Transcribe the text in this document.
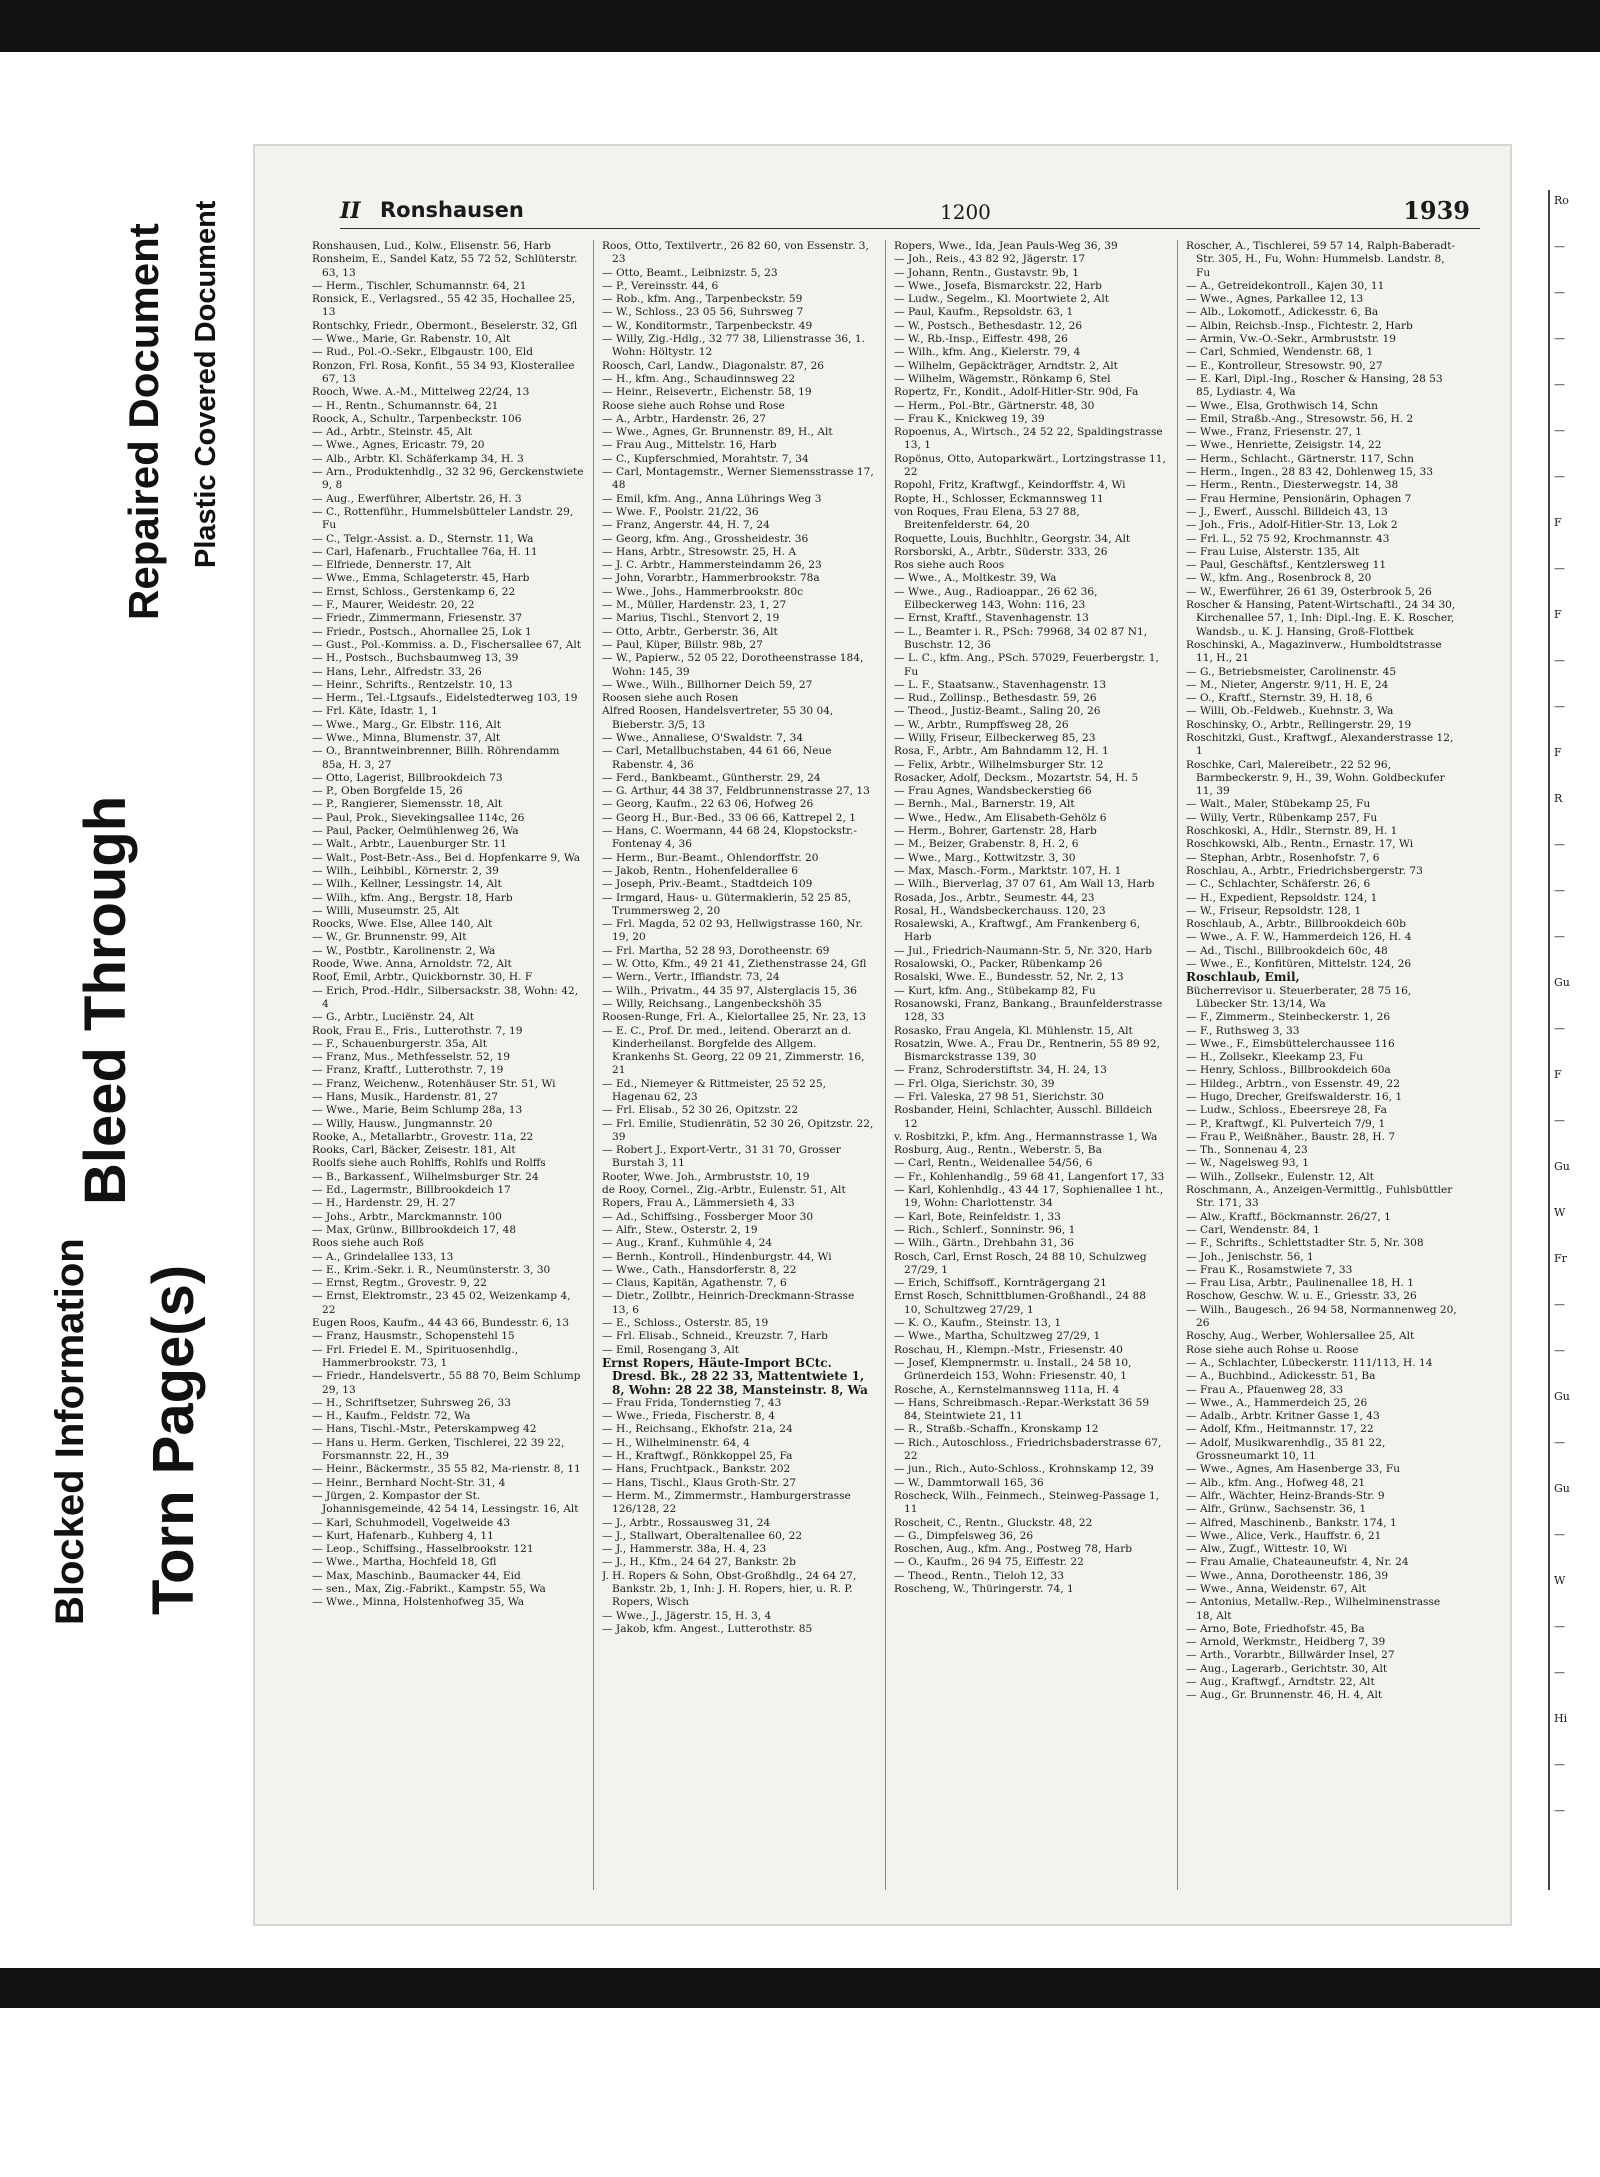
Blocked Information
Bleed Through
Torn Page(s)
Repaired Document Plastic Covered Document	II Ronshausen	1200	1939

Ronshausen, Lud., Kolw., Elisenstr. 56, Harb

Ronsheim, E., Sandel Katz, 55 72 52, Schlüterstr. 63, 13

— Herm., Tischler, Schumannstr. 64, 21

Ronsick, E., Verlagsred., 55 42 35, Hochallee 25, 13

Rontschky, Friedr., Obermont., Beselerstr. 32, Gfl

— Wwe., Marie, Gr. Rabenstr. 10, Alt

— Rud., Pol.-O.-Sekr., Elbgaustr. 100, Eld

Ronzon, Frl. Rosa, Konfit., 55 34 93, Klosterallee 67, 13

Rooch, Wwe. A.-M., Mittelweg 22/24, 13

— H., Rentn., Schumannstr. 64, 21

Roock, A., Schultr., Tarpenbeckstr. 106

— Ad., Arbtr., Steinstr. 45, Alt

— Wwe., Agnes, Ericastr. 79, 20

— Alb., Arbtr. Kl. Schäferkamp 34, H. 3

— Arn., Produktenhdlg., 32 32 96, Gerckenstwiete 9, 8

— Aug., Ewerführer, Albertstr. 26, H. 3

— C., Rottenführ., Hummelsbütteler Landstr. 29, Fu

— C., Telgr.-Assist. a. D., Sternstr. 11, Wa

— Carl, Hafenarb., Fruchtallee 76a, H. 11

— Elfriede, Dennerstr. 17, Alt

— Wwe., Emma, Schlageterstr. 45, Harb

— Ernst, Schloss., Gerstenkamp 6, 22

— F., Maurer, Weidestr. 20, 22

— Friedr., Zimmermann, Friesenstr. 37

— Friedr., Postsch., Ahornallee 25, Lok 1

— Gust., Pol.-Kommiss. a. D., Fischersallee 67, Alt

— H., Postsch., Buchsbaumweg 13, 39

— Hans, Lehr., Alfredstr. 33, 26

— Heinr., Schrifts., Rentzelstr. 10, 13

— Herm., Tel.-Ltgsaufs., Eidelstedterweg 103, 19

— Frl. Käte, Idastr. 1, 1

— Wwe., Marg., Gr. Elbstr. 116, Alt

— Wwe., Minna, Blumenstr. 37, Alt

— O., Branntweinbrenner, Billh. Röhrendamm 85a, H. 3, 27

— Otto, Lagerist, Billbrookdeich 73

— P., Oben Borgfelde 15, 26

— P., Rangierer, Siemensstr. 18, Alt

— Paul, Prok., Sievekingsallee 114c, 26

— Paul, Packer, Oelmühlenweg 26, Wa

— Walt., Arbtr., Lauenburger Str. 11

— Walt., Post-Betr.-Ass., Bei d. Hopfenkarre 9, Wa

— Wilh., Leihbibl., Körnerstr. 2, 39

— Wilh., Kellner, Lessingstr. 14, Alt

— Wilh., kfm. Ang., Bergstr. 18, Harb

— Willi, Museumstr. 25, Alt

Roocks, Wwe. Else, Allee 140, Alt

— W., Gr. Brunnenstr. 99, Alt

— W., Postbtr., Karolinenstr. 2, Wa

Roode, Wwe. Anna, Arnoldstr. 72, Alt

Roof, Emil, Arbtr., Quickbornstr. 30, H. F

— Erich, Prod.-Hdlr., Silbersackstr. 38, Wohn: 42, 4

— G., Arbtr., Luciënstr. 24, Alt

Rook, Frau E., Fris., Lutterothstr. 7, 19

— F., Schauenburgerstr. 35a, Alt

— Franz, Mus., Methfesselstr. 52, 19

— Franz, Kraftf., Lutterothstr. 7, 19

— Franz, Weichenw., Rotenhäuser Str. 51, Wi

— Hans, Musik., Hardenstr. 81, 27

— Wwe., Marie, Beim Schlump 28a, 13

— Willy, Hausw., Jungmannstr. 20

Rooke, A., Metallarbtr., Grovestr. 11a, 22

Rooks, Carl, Bäcker, Zeisestr. 181, Alt

Roolfs siehe auch Rohlffs, Rohlfs und Rolffs

— B., Barkassenf., Wilhelmsburger Str. 24

— Ed., Lagermstr., Billbrookdeich 17

— H., Hardenstr. 29, H. 27

— Johs., Arbtr., Marckmannstr. 100

— Max, Grünw., Billbrookdeich 17, 48

Roos siehe auch Roß

— A., Grindelallee 133, 13

— E., Krim.-Sekr. i. R., Neumünsterstr. 3, 30

— Ernst, Regtm., Grovestr. 9, 22

— Ernst, Elektromstr., 23 45 02, Weizenkamp 4, 22

Eugen Roos, Kaufm., 44 43 66, Bundesstr. 6, 13

— Franz, Hausmstr., Schopenstehl 15

— Frl. Friedel E. M., Spirituosenhdlg., Hammerbrookstr. 73, 1

— Friedr., Handelsvertr., 55 88 70, Beim Schlump 29, 13

— H., Schriftsetzer, Suhrsweg 26, 33

— H., Kaufm., Feldstr. 72, Wa

— Hans, Tischl.-Mstr., Peterskampweg 42

— Hans u. Herm. Gerken, Tischlerei, 22 39 22, Forsmannstr. 22, H., 39

— Heinr., Bäckermstr., 35 55 82, Ma-rienstr. 8, 11

— Heinr., Bernhard Nocht-Str. 31, 4

— Jürgen, 2. Kompastor der St. Johannisgemeinde, 42 54 14, Lessingstr. 16, Alt

— Karl, Schuhmodell, Vogelweide 43

— Kurt, Hafenarb., Kuhberg 4, 11

— Leop., Schiffsing., Hasselbrookstr. 121

— Wwe., Martha, Hochfeld 18, Gfl

— Max, Maschinb., Baumacker 44, Eid

— sen., Max, Zig.-Fabrikt., Kampstr. 55, Wa

— Wwe., Minna, Holstenhofweg 35, Wa

Roos, Otto, Textilvertr., 26 82 60, von Essenstr. 3, 23

— Otto, Beamt., Leibnizstr. 5, 23

— P., Vereinsstr. 44, 6

— Rob., kfm. Ang., Tarpenbeckstr. 59

— W., Schloss., 23 05 56, Suhrsweg 7

— W., Konditormstr., Tarpenbeckstr. 49

— Willy, Zig.-Hdlg., 32 77 38, Lilienstrasse 36, 1. Wohn: Höltystr. 12

Roosch, Carl, Landw., Diagonalstr. 87, 26

— H., kfm. Ang., Schaudinnsweg 22

— Heinr., Reisevertr., Eichenstr. 58, 19

Roose siehe auch Rohse und Rose

— A., Arbtr., Hardenstr. 26, 27

— Wwe., Agnes, Gr. Brunnenstr. 89, H., Alt

— Frau Aug., Mittelstr. 16, Harb

— C., Kupferschmied, Morahtstr. 7, 34

— Carl, Montagemstr., Werner Siemensstrasse 17, 48

— Emil, kfm. Ang., Anna Lührings Weg 3

— Wwe. F., Poolstr. 21/22, 36

— Franz, Angerstr. 44, H. 7, 24

— Georg, kfm. Ang., Grossheidestr. 36

— Hans, Arbtr., Stresowstr. 25, H. A

— J. C. Arbtr., Hammersteindamm 26, 23

— John, Vorarbtr., Hammerbrookstr. 78a

— Wwe., Johs., Hammerbrookstr. 80c

— M., Müller, Hardenstr. 23, 1, 27

— Marius, Tischl., Stenvort 2, 19

— Otto, Arbtr., Gerberstr. 36, Alt

— Paul, Küper, Billstr. 98b, 27

— W., Papierw., 52 05 22, Dorotheenstrasse 184, Wohn: 145, 39

— Wwe., Wilh., Billhorner Deich 59, 27

Roosen siehe auch Rosen

Alfred Roosen, Handelsvertreter, 55 30 04, Bieberstr. 3/5, 13

— Wwe., Annaliese, O'Swaldstr. 7, 34

— Carl, Metallbuchstaben, 44 61 66, Neue Rabenstr. 4, 36

— Ferd., Bankbeamt., Güntherstr. 29, 24

— G. Arthur, 44 38 37, Feldbrunnenstrasse 27, 13

— Georg, Kaufm., 22 63 06, Hofweg 26

— Georg H., Bur.-Bed., 33 06 66, Kattrepel 2, 1

— Hans, C. Woermann, 44 68 24, Klopstockstr.-Fontenay 4, 36

— Herm., Bur.-Beamt., Ohlendorffstr. 20

— Jakob, Rentn., Hohenfelderallee 6

— Joseph, Priv.-Beamt., Stadtdeich 109

— Irmgard, Haus- u. Gütermaklerin, 52 25 85, Trummersweg 2, 20

— Frl. Magda, 52 02 93, Hellwigstrasse 160, Nr. 19, 20

— Frl. Martha, 52 28 93, Dorotheenstr. 69

— W. Otto, Kfm., 49 21 41, Ziethenstrasse 24, Gfl

— Wern., Vertr., Iffiandstr. 73, 24

— Wilh., Privatm., 44 35 97, Alsterglacis 15, 36

— Willy, Reichsang., Langenbeckshöh 35

Roosen-Runge, Frl. A., Kielortallee 25, Nr. 23, 13

— E. C., Prof. Dr. med., leitend. Oberarzt an d. Kinderheilanst. Borgfelde des Allgem. Krankenhs St. Georg, 22 09 21, Zimmerstr. 16, 21

— Ed., Niemeyer & Rittmeister, 25 52 25, Hagenau 62, 23

— Frl. Elisab., 52 30 26, Opitzstr. 22

— Frl. Emilie, Studienrätin, 52 30 26, Opitzstr. 22, 39

— Robert J., Export-Vertr., 31 31 70, Grosser Burstah 3, 11

Rooter, Wwe. Joh., Armbruststr. 10, 19

de Rooy, Cornel., Zig.-Arbtr., Eulenstr. 51, Alt

Ropers, Frau A., Lämmersieth 4, 33

— Ad., Schiffsing., Fossberger Moor 30

— Alfr., Stew., Osterstr. 2, 19

— Aug., Kranf., Kuhmühle 4, 24

— Bernh., Kontroll., Hindenburgstr. 44, Wi

— Wwe., Cath., Hansdorferstr. 8, 22

— Claus, Kapitän, Agathenstr. 7, 6

— Dietr., Zollbtr., Heinrich-Dreckmann-Strasse 13, 6

— E., Schloss., Osterstr. 85, 19

— Frl. Elisab., Schneid., Kreuzstr. 7, Harb

— Emil, Rosengang 3, Alt

Ernst Ropers, Häute-Import BCtc. Dresd. Bk., 28 22 33, Mattentwiete 1, 8, Wohn: 28 22 38, Mansteinstr. 8, Wa

— Frau Frida, Tondernstieg 7, 43

— Wwe., Frieda, Fischerstr. 8, 4

— H., Reichsang., Ekhofstr. 21a, 24

— H., Wilhelminenstr. 64, 4

— H., Kraftwgf., Rönkkoppel 25, Fa

— Hans, Fruchtpack., Bankstr. 202

— Hans, Tischl., Klaus Groth-Str. 27

— Herm. M., Zimmermstr., Hamburgerstrasse 126/128, 22

— J., Arbtr., Rossausweg 31, 24

— J., Stallwart, Oberaltenallee 60, 22

— J., Hammerstr. 38a, H. 4, 23

— J., H., Kfm., 24 64 27, Bankstr. 2b

J. H. Ropers & Sohn, Obst-Großhdlg., 24 64 27, Bankstr. 2b, 1, Inh: J. H. Ropers, hier, u. R. P. Ropers, Wisch

— Wwe., J., Jägerstr. 15, H. 3, 4

— Jakob, kfm. Angest., Lutterothstr. 85

Ropers, Wwe., Ida, Jean Pauls-Weg 36, 39

— Joh., Reis., 43 82 92, Jägerstr. 17

— Johann, Rentn., Gustavstr. 9b, 1

— Wwe., Josefa, Bismarckstr. 22, Harb

— Ludw., Segelm., Kl. Moortwiete 2, Alt

— Paul, Kaufm., Repsoldstr. 63, 1

— W., Postsch., Bethesdastr. 12, 26

— W., Rb.-Insp., Eiffestr. 498, 26

— Wilh., kfm. Ang., Kielerstr. 79, 4

— Wilhelm, Gepäckträger, Arndtstr. 2, Alt

— Wilhelm, Wägemstr., Rönkamp 6, Stel

Ropertz, Fr., Kondit., Adolf-Hitler-Str. 90d, Fa

— Herm., Pol.-Btr., Gärtnerstr. 48, 30

— Frau K., Knickweg 19, 39

Ropoenus, A., Wirtsch., 24 52 22, Spaldingstrasse 13, 1

Ropönus, Otto, Autoparkwärt., Lortzingstrasse 11, 22

Ropohl, Fritz, Kraftwgf., Keindorffstr. 4, Wi

Ropte, H., Schlosser, Eckmannsweg 11

von Roques, Frau Elena, 53 27 88, Breitenfelderstr. 64, 20

Roquette, Louis, Buchhltr., Georgstr. 34, Alt

Rorsborski, A., Arbtr., Süderstr. 333, 26

Ros siehe auch Roos

— Wwe., A., Moltkestr. 39, Wa

— Wwe., Aug., Radioappar., 26 62 36, Eilbeckerweg 143, Wohn: 116, 23

— Ernst, Kraftf., Stavenhagenstr. 13

— L., Beamter i. R., PSch: 79968, 34 02 87 N1, Buschstr. 12, 36

— L. C., kfm. Ang., PSch. 57029, Feuerbergstr. 1, Fu

— L. F., Staatsanw., Stavenhagenstr. 13

— Rud., Zollinsp., Bethesdastr. 59, 26

— Theod., Justiz-Beamt., Saling 20, 26

— W., Arbtr., Rumpffsweg 28, 26

— Willy, Friseur, Eilbeckerweg 85, 23

Rosa, F., Arbtr., Am Bahndamm 12, H. 1

— Felix, Arbtr., Wilhelmsburger Str. 12

Rosacker, Adolf, Decksm., Mozartstr. 54, H. 5

— Frau Agnes, Wandsbeckerstieg 66

— Bernh., Mal., Barnerstr. 19, Alt

— Wwe., Hedw., Am Elisabeth-Gehölz 6

— Herm., Bohrer, Gartenstr. 28, Harb

— M., Beizer, Grabenstr. 8, H. 2, 6

— Wwe., Marg., Kottwitzstr. 3, 30

— Max, Masch.-Form., Marktstr. 107, H. 1

— Wilh., Bierverlag, 37 07 61, Am Wall 13, Harb

Rosada, Jos., Arbtr., Seumestr. 44, 23

Rosal, H., Wandsbeckerchauss. 120, 23

Rosalewski, A., Kraftwgf., Am Frankenberg 6, Harb

— Jul., Friedrich-Naumann-Str. 5, Nr. 320, Harb

Rosalowski, O., Packer, Rübenkamp 26

Rosalski, Wwe. E., Bundesstr. 52, Nr. 2, 13

— Kurt, kfm. Ang., Stübekamp 82, Fu

Rosanowski, Franz, Bankang., Braunfelderstrasse 128, 33

Rosasko, Frau Angela, Kl. Mühlenstr. 15, Alt

Rosatzin, Wwe. A., Frau Dr., Rentnerin, 55 89 92, Bismarckstrasse 139, 30

— Franz, Schroderstiftstr. 34, H. 24, 13

— Frl. Olga, Sierichstr. 30, 39

— Frl. Valeska, 27 98 51, Sierichstr. 30

Rosbander, Heini, Schlachter, Ausschl. Billdeich 12

v. Rosbitzki, P., kfm. Ang., Hermannstrasse 1, Wa

Rosburg, Aug., Rentn., Weberstr. 5, Ba

— Carl, Rentn., Weidenallee 54/56, 6

— Fr., Kohlenhandlg., 59 68 41, Langenfort 17, 33

— Karl, Kohlenhdlg., 43 44 17, Sophienallee 1 ht., 19, Wohn: Charlottenstr. 34

— Karl, Bote, Reinfeldstr. 1, 33

— Rich., Schlerf., Sonninstr. 96, 1

— Wilh., Gärtn., Drehbahn 31, 36

Rosch, Carl, Ernst Rosch, 24 88 10, Schulzweg 27/29, 1

— Erich, Schiffsoff., Kornträgergang 21

Ernst Rosch, Schnittblumen-Großhandl., 24 88 10, Schultzweg 27/29, 1

— K. O., Kaufm., Steinstr. 13, 1

— Wwe., Martha, Schultzweg 27/29, 1

Roschau, H., Klempn.-Mstr., Friesenstr. 40

— Josef, Klempnermstr. u. Install., 24 58 10, Grünerdeich 153, Wohn: Friesenstr. 40, 1

Rosche, A., Kernstelmannsweg 111a, H. 4

— Hans, Schreibmasch.-Repar.-Werkstatt 36 59 84, Steintwiete 21, 11

— R., Straßb.-Schaffn., Kronskamp 12

— Rich., Autoschloss., Friedrichsbaderstrasse 67, 22

— jun., Rich., Auto-Schloss., Krohnskamp 12, 39

— W., Dammtorwall 165, 36

Roscheck, Wilh., Feinmech., Steinweg-Passage 1, 11

Roscheit, C., Rentn., Gluckstr. 48, 22

— G., Dimpfelsweg 36, 26

Roschen, Aug., kfm. Ang., Postweg 78, Harb

— O., Kaufm., 26 94 75, Eiffestr. 22

— Theod., Rentn., Tieloh 12, 33

Roscheng, W., Thüringerstr. 74, 1

Roscher, A., Tischlerei, 59 57 14, Ralph-Baberadt-Str. 305, H., Fu, Wohn: Hummelsb. Landstr. 8, Fu

— A., Getreidekontroll., Kajen 30, 11

— Wwe., Agnes, Parkallee 12, 13

— Alb., Lokomotf., Adickesstr. 6, Ba

— Albin, Reichsb.-Insp., Fichtestr. 2, Harb

— Armin, Vw.-O.-Sekr., Armbruststr. 19

— Carl, Schmied, Wendenstr. 68, 1

— E., Kontrolleur, Stresowstr. 90, 27

— E. Karl, Dipl.-Ing., Roscher & Hansing, 28 53 85, Lydiastr. 4, Wa

— Wwe., Elsa, Grothwisch 14, Schn

— Emil, Straßb.-Ang., Stresowstr. 56, H. 2

— Wwe., Franz, Friesenstr. 27, 1

— Wwe., Henriette, Zeisigstr. 14, 22

— Herm., Schlacht., Gärtnerstr. 117, Schn

— Herm., Ingen., 28 83 42, Dohlenweg 15, 33

— Herm., Rentn., Diesterwegstr. 14, 38

— Frau Hermine, Pensionärin, Ophagen 7

— J., Ewerf., Ausschl. Billdeich 43, 13

— Joh., Fris., Adolf-Hitler-Str. 13, Lok 2

— Frl. L., 52 75 92, Krochmannstr. 43

— Frau Luise, Alsterstr. 135, Alt

— Paul, Geschäftsf., Kentzlersweg 11

— W., kfm. Ang., Rosenbrock 8, 20

— W., Ewerführer, 26 61 39, Osterbrook 5, 26

Roscher & Hansing, Patent-Wirtschaftl., 24 34 30, Kirchenallee 57, 1, Inh: Dipl.-Ing. E. K. Roscher, Wandsb., u. K. J. Hansing, Groß-Flottbek

Roschinski, A., Magazinverw., Humboldtstrasse 11, H., 21

— G., Betriebsmeister, Carolinenstr. 45

— M., Nieter, Angerstr. 9/11, H. E, 24

— O., Kraftf., Sternstr. 39, H. 18, 6

— Willi, Ob.-Feldweb., Kuehnstr. 3, Wa

Roschinsky, O., Arbtr., Rellingerstr. 29, 19

Roschitzki, Gust., Kraftwgf., Alexanderstrasse 12, 1

Roschke, Carl, Malereibetr., 22 52 96, Barmbeckerstr. 9, H., 39, Wohn. Goldbeckufer 11, 39

— Walt., Maler, Stübekamp 25, Fu

— Willy, Vertr., Rübenkamp 257, Fu

Roschkoski, A., Hdlr., Sternstr. 89, H. 1

Roschkowski, Alb., Rentn., Ernastr. 17, Wi

— Stephan, Arbtr., Rosenhofstr. 7, 6

Roschlau, A., Arbtr., Friedrichsbergerstr. 73

— C., Schlachter, Schäferstr. 26, 6

— H., Expedient, Repsoldstr. 124, 1

— W., Friseur, Repsoldstr. 128, 1

Roschlaub, A., Arbtr., Billbrookdeich 60b

— Wwe., A. F. W., Hammerdeich 126, H. 4

— Ad., Tischl., Billbrookdeich 60c, 48

— Wwe., E., Konfitüren, Mittelstr. 124, 26

Roschlaub, Emil,

Bücherrevisor u. Steuerberater, 28 75 16, Lübecker Str. 13/14, Wa

— F., Zimmerm., Steinbeckerstr. 1, 26

— F., Ruthsweg 3, 33

— Wwe., F., Eimsbüttelerchaussee 116

— H., Zollsekr., Kleekamp 23, Fu

— Henry, Schloss., Billbrookdeich 60a

— Hildeg., Arbtrn., von Essenstr. 49, 22

— Hugo, Drecher, Greifswalderstr. 16, 1

— Ludw., Schloss., Ebeersreye 28, Fa

— P., Kraftwgf., Kl. Pulverteich 7/9, 1

— Frau P., Weißnäher., Baustr. 28, H. 7

— Th., Sonnenau 4, 23

— W., Nagelsweg 93, 1

— Wilh., Zollsekr., Eulenstr. 12, Alt

Roschmann, A., Anzeigen-Vermittlg., Fuhlsbüttler Str. 171, 33

— Alw., Kraftf., Böckmannstr. 26/27, 1

— Carl, Wendenstr. 84, 1

— F., Schrifts., Schlettstadter Str. 5, Nr. 308

— Joh., Jenischstr. 56, 1

— Frau K., Rosamstwiete 7, 33

— Frau Lisa, Arbtr., Paulinenallee 18, H. 1

Roschow, Geschw. W. u. E., Griesstr. 33, 26

— Wilh., Baugesch., 26 94 58, Normannenweg 20, 26

Roschy, Aug., Werber, Wohlersallee 25, Alt

Rose siehe auch Rohse u. Roose

— A., Schlachter, Lübeckerstr. 111/113, H. 14

— A., Buchbind., Adickesstr. 51, Ba

— Frau A., Pfauenweg 28, 33

— Wwe., A., Hammerdeich 25, 26

— Adalb., Arbtr. Kritner Gasse 1, 43

— Adolf, Kfm., Heitmannstr. 17, 22

— Adolf, Musikwarenhdlg., 35 81 22, Grossneumarkt 10, 11

— Wwe., Agnes, Am Hasenberge 33, Fu

— Alb., kfm. Ang., Hofweg 48, 21

— Alfr., Wächter, Heinz-Brands-Str. 9

— Alfr., Grünw., Sachsenstr. 36, 1

— Alfred, Maschinenb., Bankstr. 174, 1

— Wwe., Alice, Verk., Hauffstr. 6, 21

— Alw., Zugf., Wittestr. 10, Wi

— Frau Amalie, Chateauneufstr. 4, Nr. 24

— Wwe., Anna, Dorotheenstr. 186, 39

— Wwe., Anna, Weidenstr. 67, Alt

— Antonius, Metallw.-Rep., Wilhelminenstrasse 18, Alt

— Arno, Bote, Friedhofstr. 45, Ba

— Arnold, Werkmstr., Heidberg 7, 39

— Arth., Vorarbtr., Billwärder Insel, 27

— Aug., Lagerarb., Gerichtstr. 30, Alt

— Aug., Kraftwgf., Arndtstr. 22, Alt

— Aug., Gr. Brunnenstr. 46, H. 4, Alt

Ro
—
—
—
—
—
—
F
—
F
—
—
F
R
—
—
—
Gu
—
F
—
Gu
W
Fr
—
—
Gu
—
Gu
—
W
—
—
Hi
—
—
